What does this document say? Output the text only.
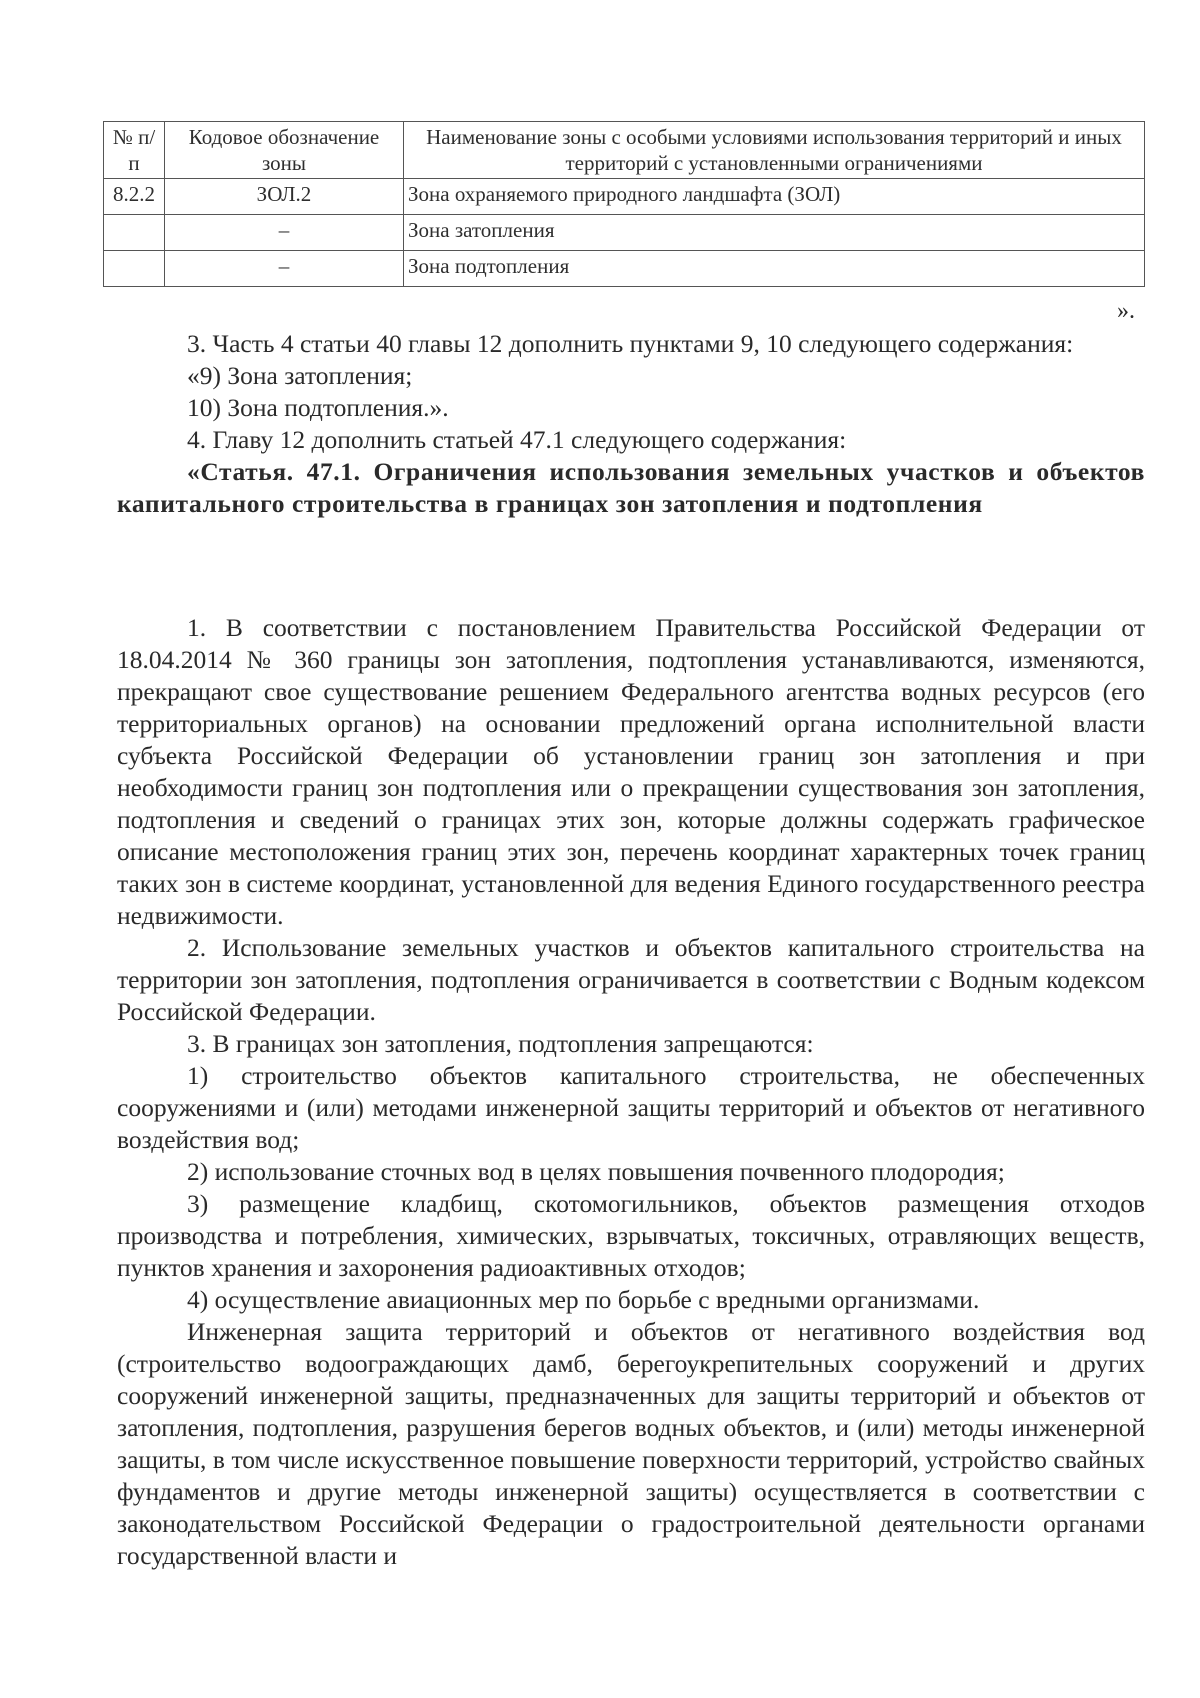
№ п/п	Кодовое обозначение зоны	Наименование зоны с особыми условиями использования территорий и иных территорий с установленными ограничениями
8.2.2	ЗОЛ.2	Зона охраняемого природного ландшафта (ЗОЛ)
	–	Зона затопления
	–	Зона подтопления
».

3. Часть 4 статьи 40 главы 12 дополнить пунктами 9, 10 следующего содержания:

«9) Зона затопления;

10) Зона подтопления.».

4. Главу 12 дополнить статьей 47.1 следующего содержания:

«Статья. 47.1. Ограничения использования земельных участков и объектов капитального строительства в границах зон затопления и подтопления

1. В соответствии с постановлением Правительства Российской Федерации от 18.04.2014 № 360 границы зон затопления, подтопления устанавливаются, изменяются, прекращают свое существование решением Федерального агентства водных ресурсов (его территориальных органов) на основании предложений органа исполнительной власти субъекта Российской Федерации об установлении границ зон затопления и при необходимости границ зон подтопления или о прекращении существования зон затопления, подтопления и сведений о границах этих зон, которые должны содержать графическое описание местоположения границ этих зон, перечень координат характерных точек границ таких зон в системе координат, установленной для ведения Единого государственного реестра недвижимости.

2. Использование земельных участков и объектов капитального строительства на территории зон затопления, подтопления ограничивается в соответствии с Водным кодексом Российской Федерации.

3. В границах зон затопления, подтопления запрещаются:

1) строительство объектов капитального строительства, не обеспеченных сооружениями и (или) методами инженерной защиты территорий и объектов от негативного воздействия вод;

2) использование сточных вод в целях повышения почвенного плодородия;

3) размещение кладбищ, скотомогильников, объектов размещения отходов производства и потребления, химических, взрывчатых, токсичных, отравляющих веществ, пунктов хранения и захоронения радиоактивных отходов;

4) осуществление авиационных мер по борьбе с вредными организмами.

Инженерная защита территорий и объектов от негативного воздействия вод (строительство водоограждающих дамб, берегоукрепительных сооружений и других сооружений инженерной защиты, предназначенных для защиты территорий и объектов от затопления, подтопления, разрушения берегов водных объектов, и (или) методы инженерной защиты, в том числе искусственное повышение поверхности территорий, устройство свайных фундаментов и другие методы инженерной защиты) осуществляется в соответствии с законодательством Российской Федерации о градостроительной деятельности органами государственной власти и
